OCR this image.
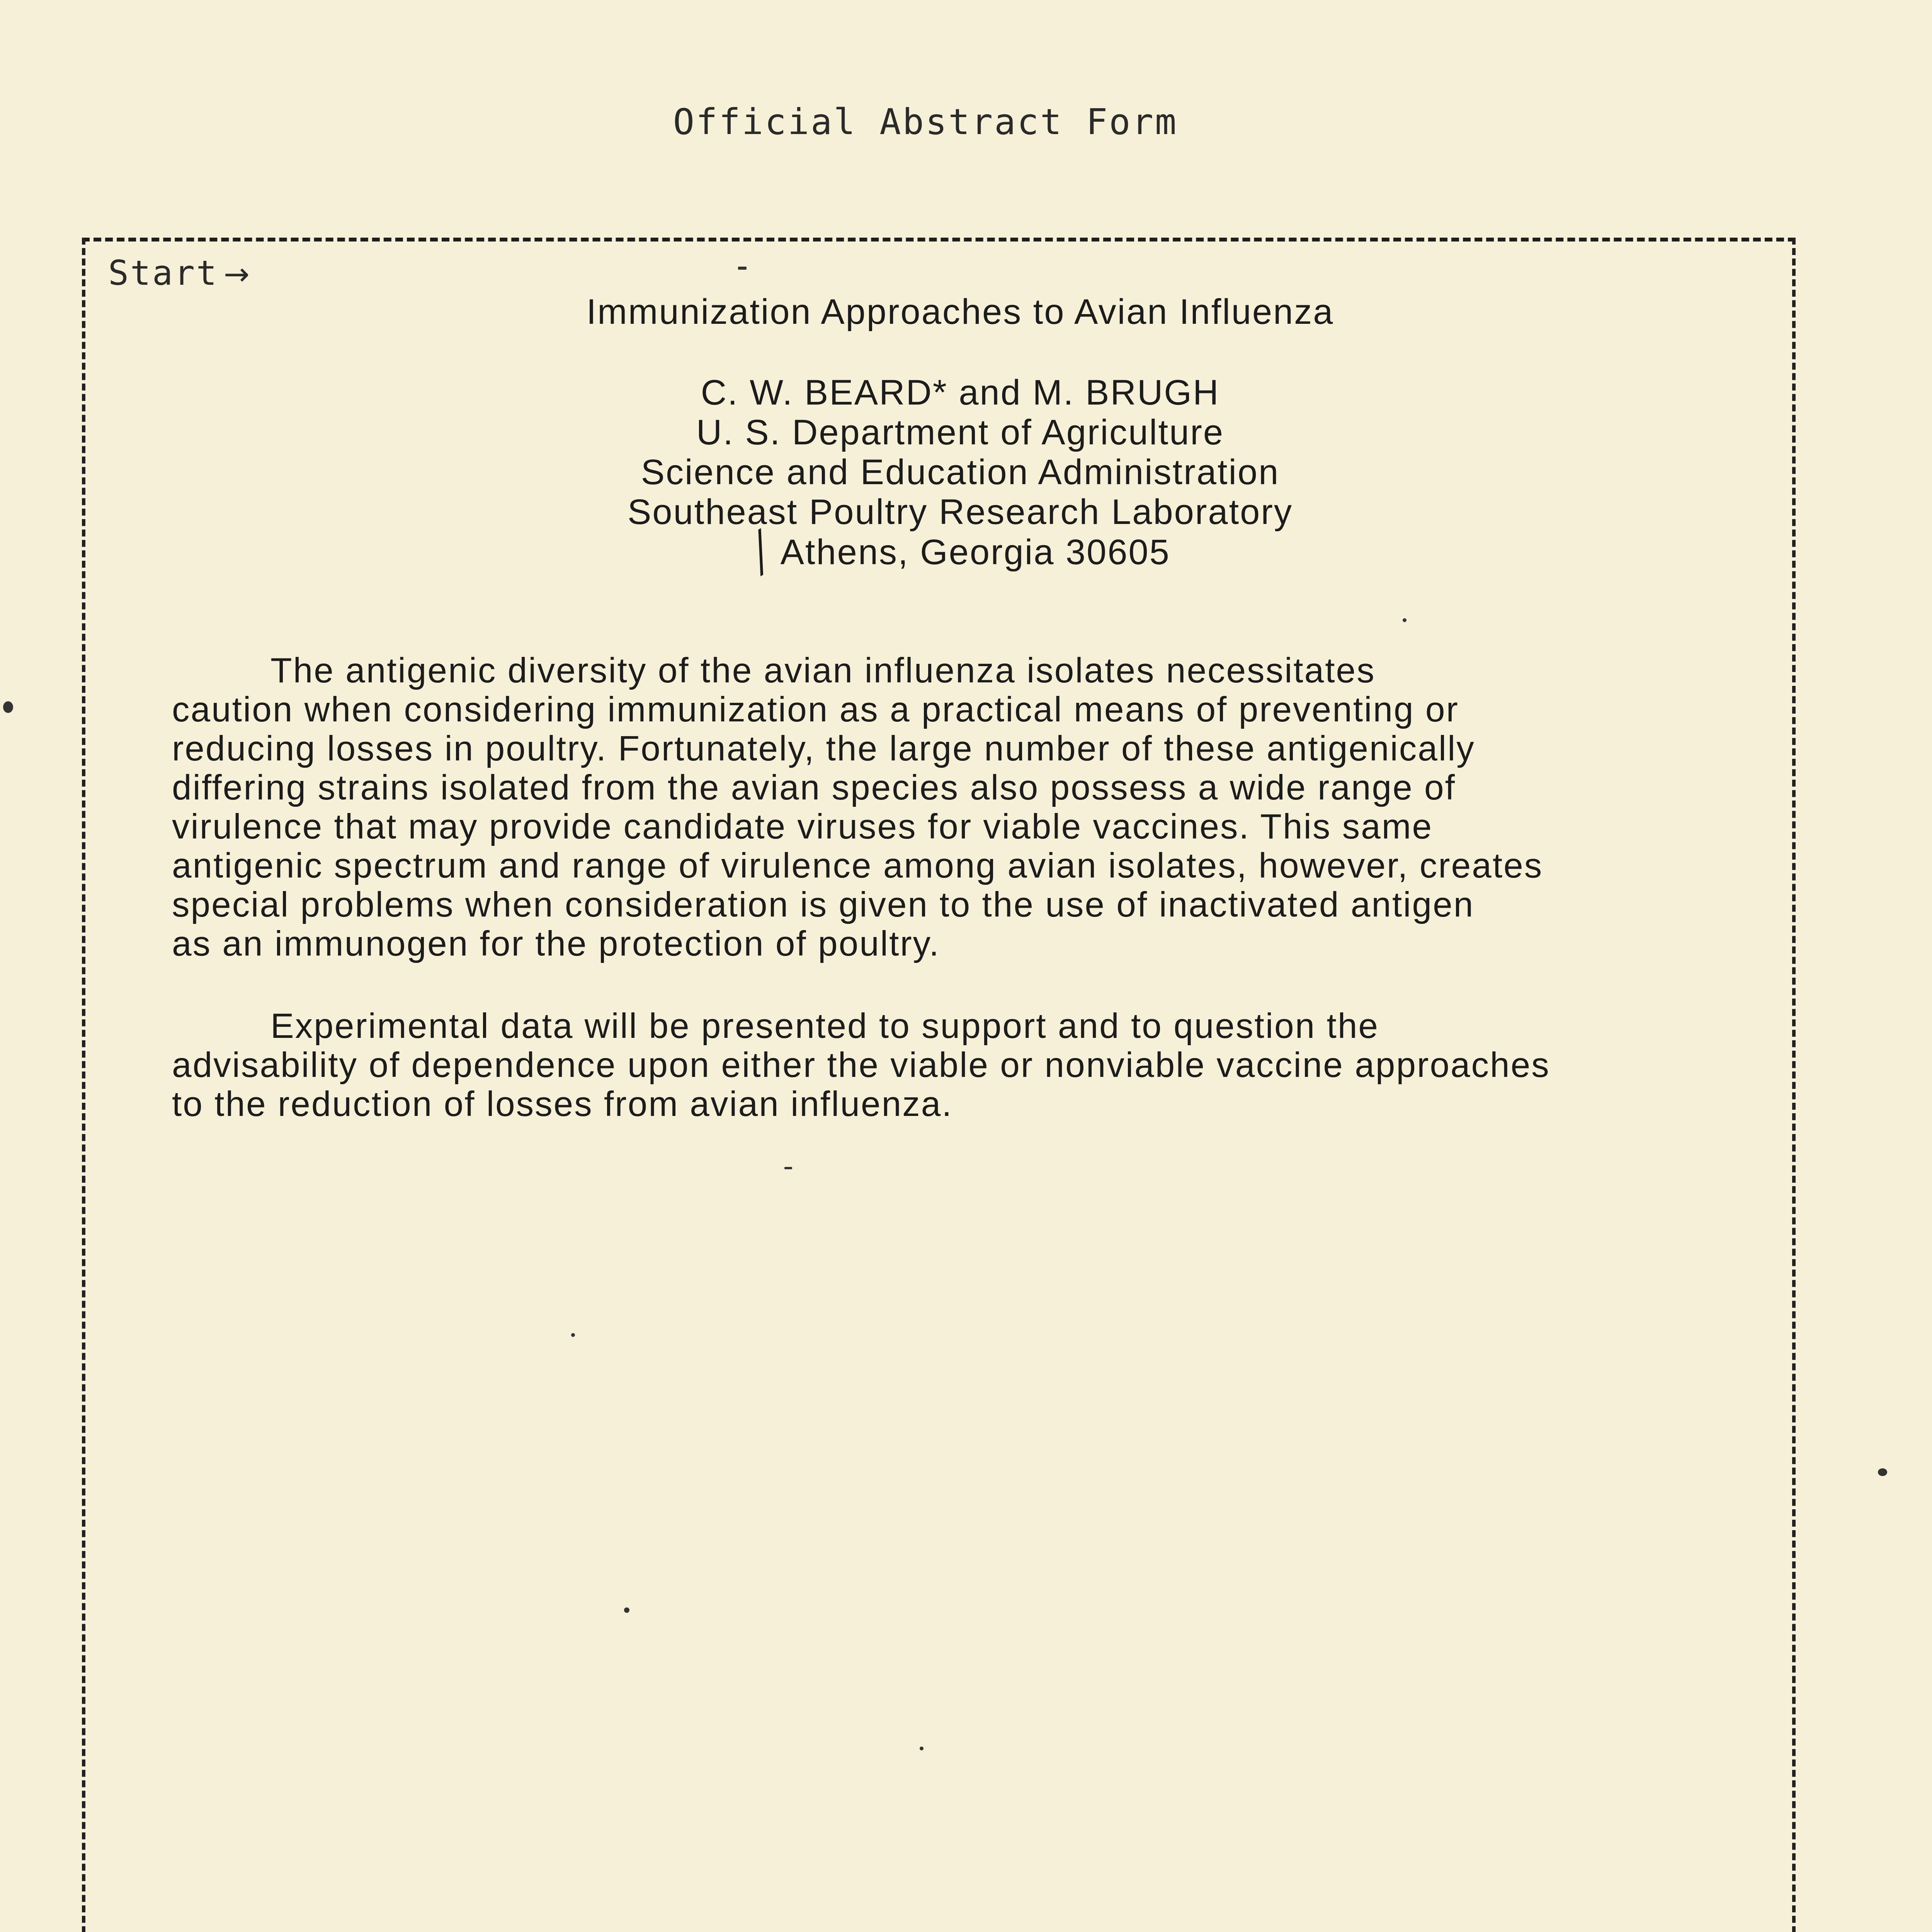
Official Abstract Form
Start →
Immunization Approaches to Avian Influenza
C. W. BEARD* and M. BRUGH
U. S. Department of Agriculture
Science and Education Administration
Southeast Poultry Research Laboratory
╱Athens, Georgia 30605
The antigenic diversity of the avian influenza isolates necessitates
caution when considering immunization as a practical means of preventing or
reducing losses in poultry. Fortunately, the large number of these antigenically
differing strains isolated from the avian species also possess a wide range of
virulence that may provide candidate viruses for viable vaccines. This same
antigenic spectrum and range of virulence among avian isolates, however, creates
special problems when consideration is given to the use of inactivated antigen
as an immunogen for the protection of poultry.
Experimental data will be presented to support and to question the
advisability of dependence upon either the viable or nonviable vaccine approaches
to the reduction of losses from avian influenza.
